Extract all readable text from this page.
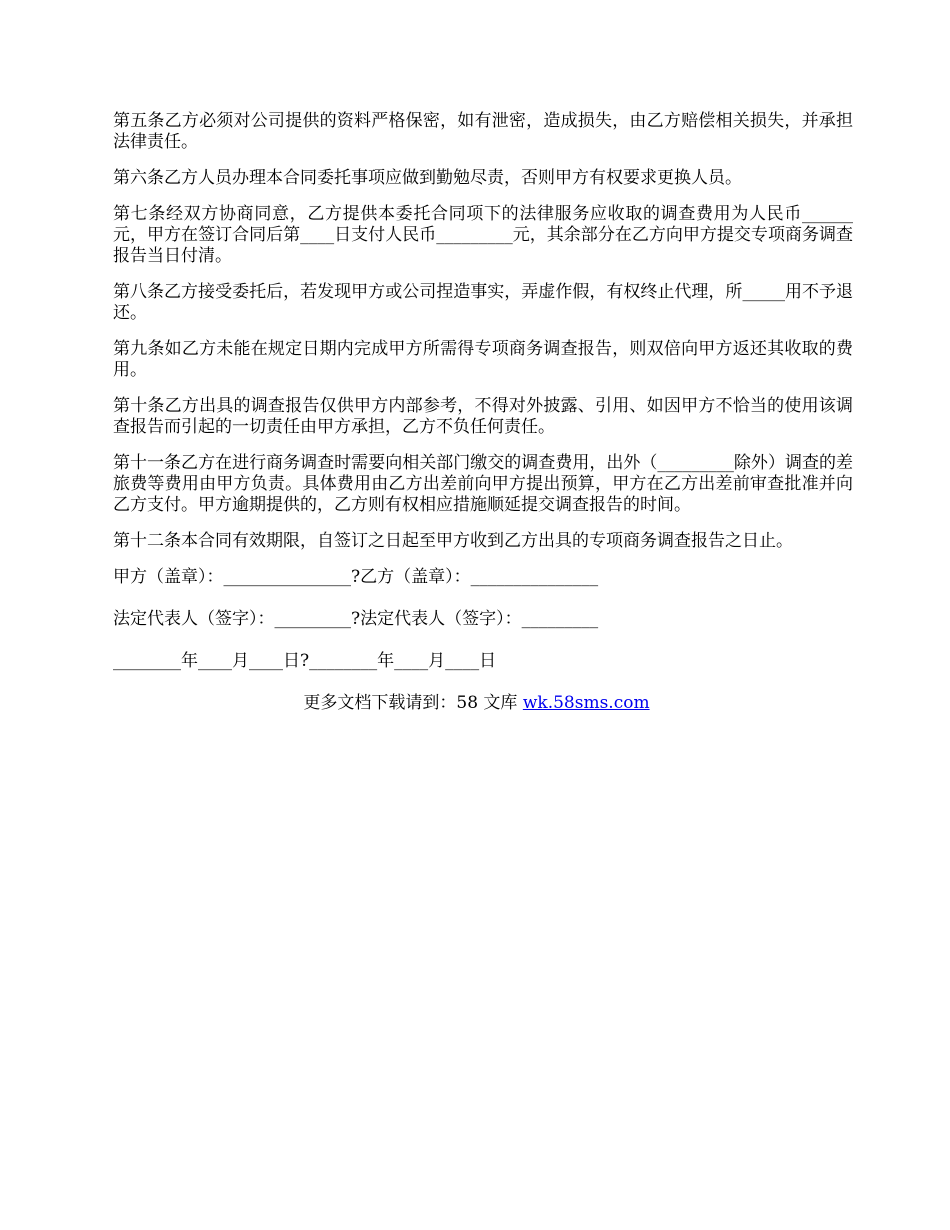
第五条乙方必须对公司提供的资料严格保密，如有泄密，造成损失，由乙方赔偿相关损失，并承担法律责任。

第六条乙方人员办理本合同委托事项应做到勤勉尽责，否则甲方有权要求更换人员。

第七条经双方协商同意，乙方提供本委托合同项下的法律服务应收取的调查费用为人民币______元，甲方在签订合同后第____日支付人民币_________元，其余部分在乙方向甲方提交专项商务调查报告当日付清。

第八条乙方接受委托后，若发现甲方或公司捏造事实，弄虚作假，有权终止代理，所_____用不予退还。

第九条如乙方未能在规定日期内完成甲方所需得专项商务调查报告，则双倍向甲方返还其收取的费用。

第十条乙方出具的调查报告仅供甲方内部参考，不得对外披露、引用、如因甲方不恰当的使用该调查报告而引起的一切责任由甲方承担，乙方不负任何责任。

第十一条乙方在进行商务调查时需要向相关部门缴交的调查费用，出外（_________除外）调查的差旅费等费用由甲方负责。具体费用由乙方出差前向甲方提出预算，甲方在乙方出差前审查批准并向乙方支付。甲方逾期提供的，乙方则有权相应措施顺延提交调查报告的时间。

第十二条本合同有效期限，自签订之日起至甲方收到乙方出具的专项商务调查报告之日止。

甲方（盖章）：_______________?乙方（盖章）：_______________
法定代表人（签字）：_________?法定代表人（签字）：_________
________年____月____日?________年____月____日
更多文档下载请到：58 文库 wk.58sms.com
